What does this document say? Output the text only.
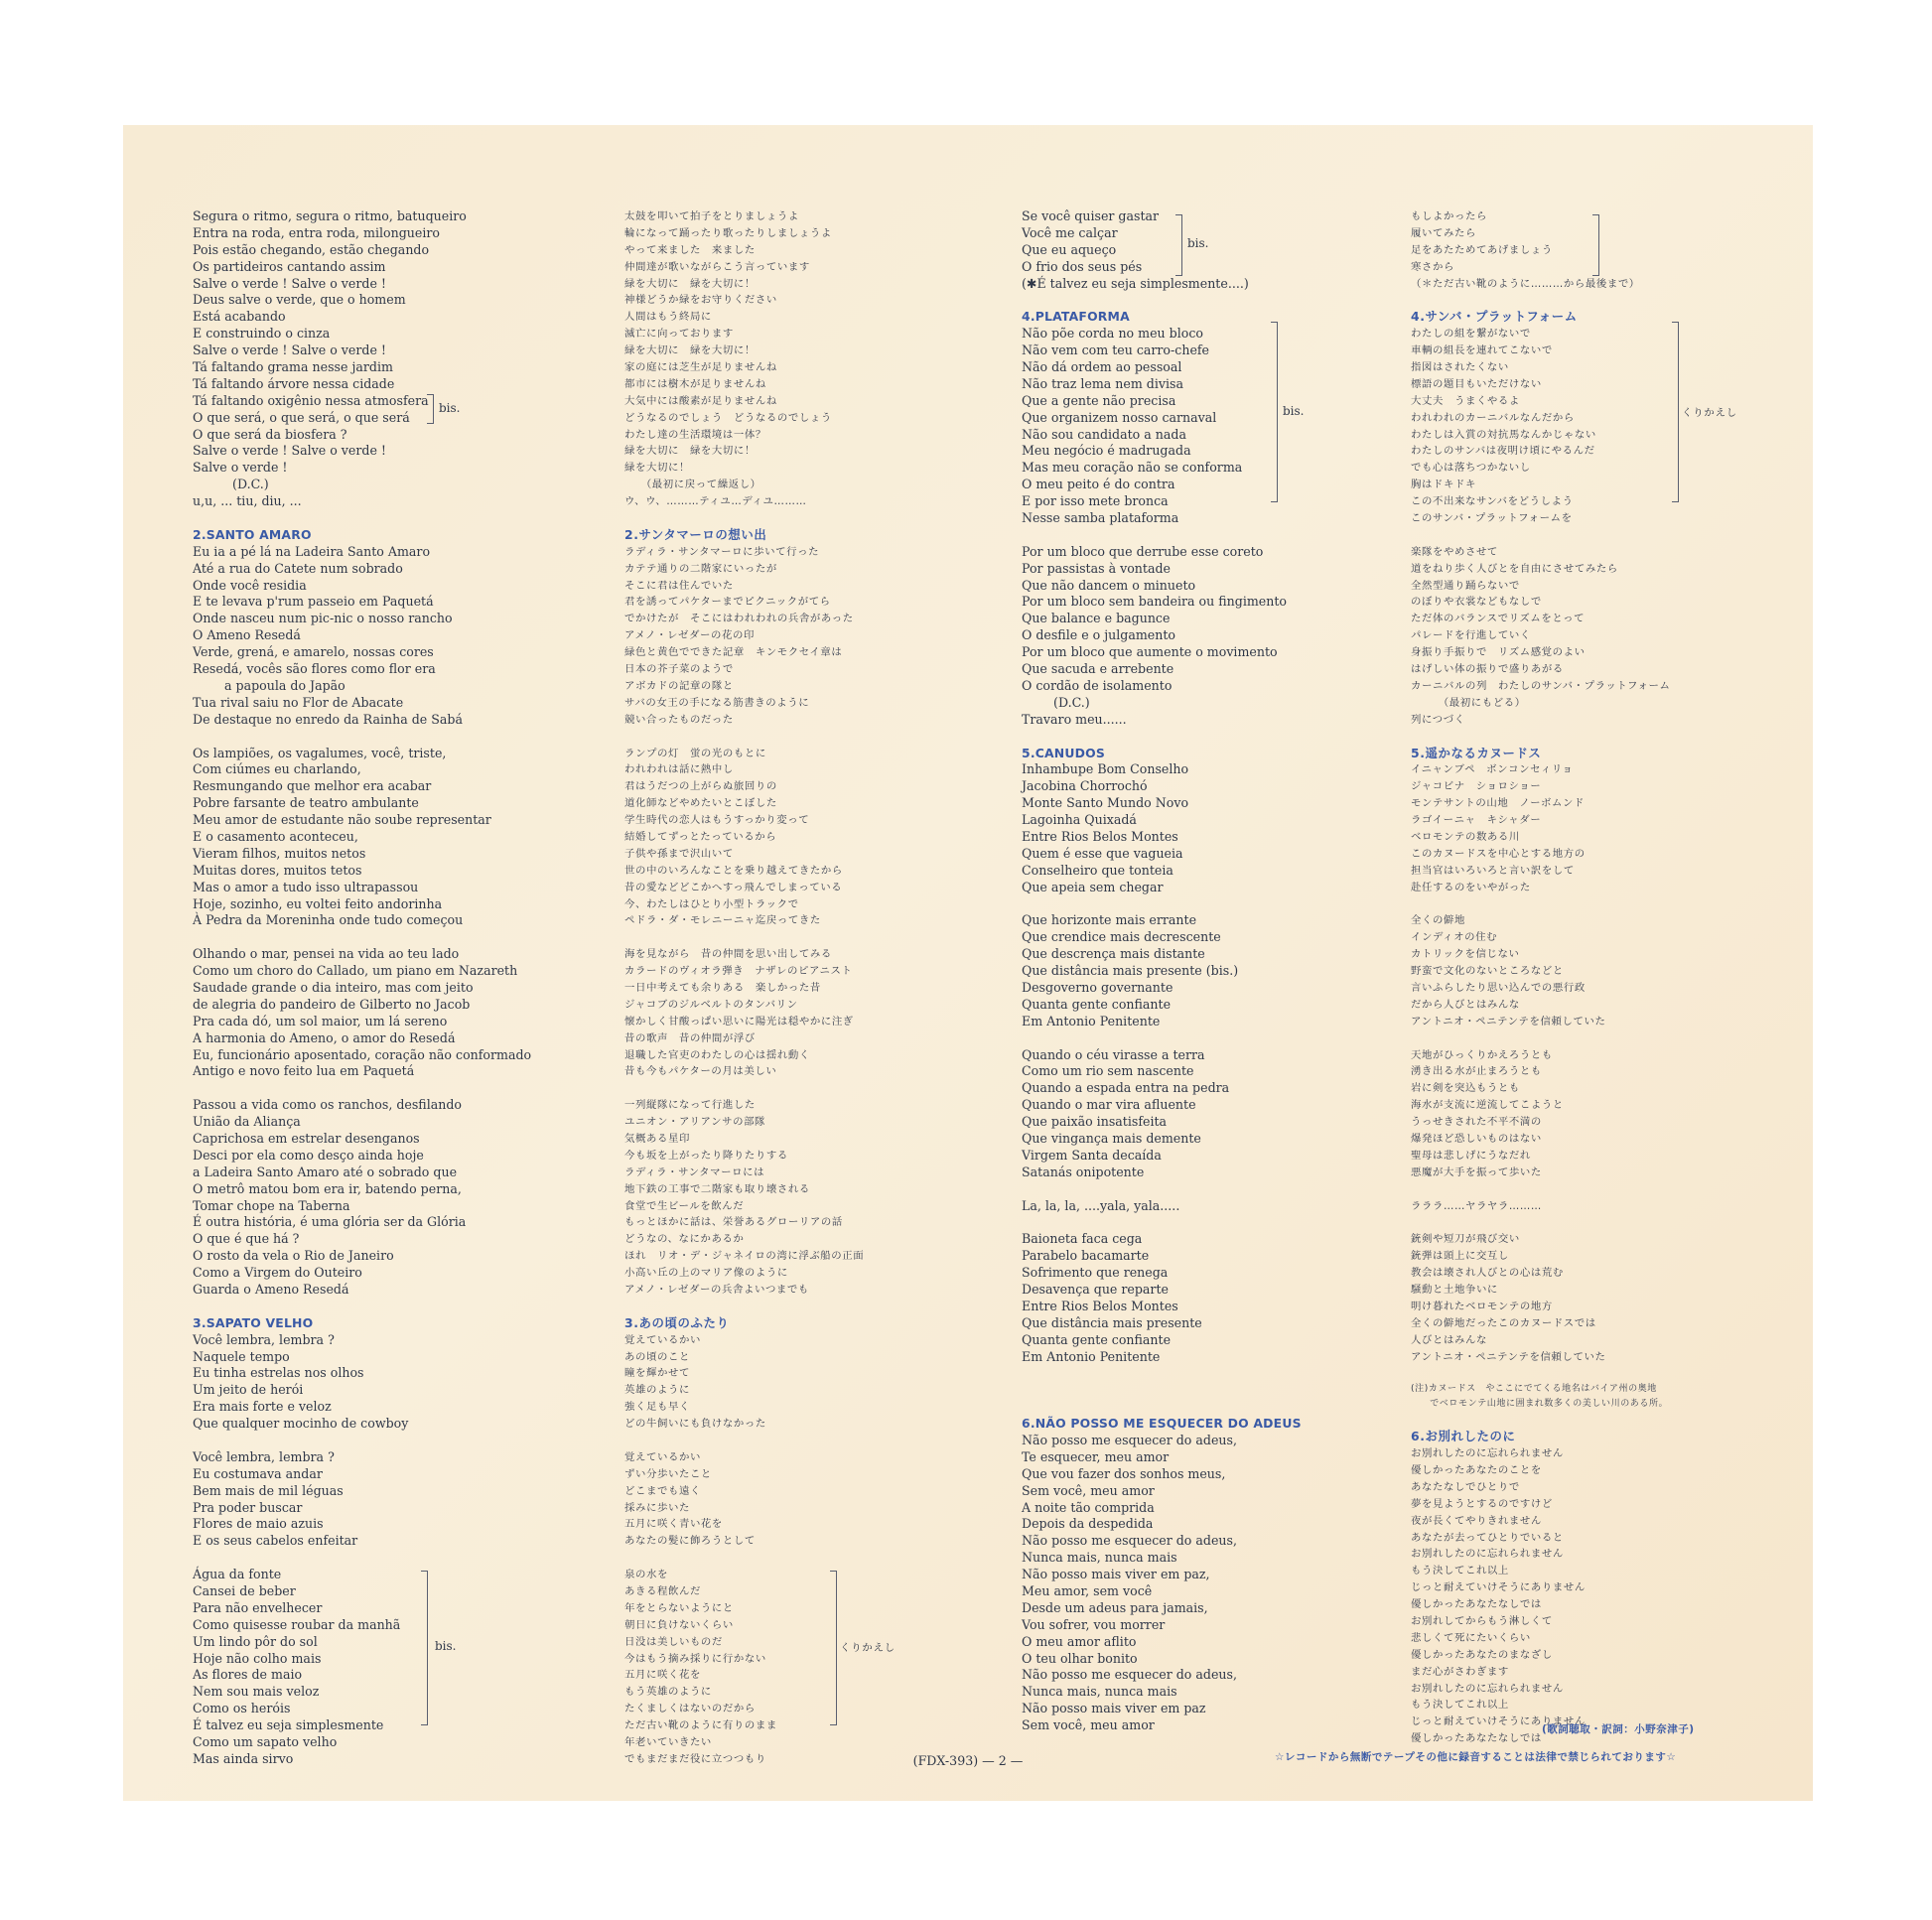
Segura o ritmo, segura o ritmo, batuqueiro
Entra na roda, entra roda, milongueiro
Pois estão chegando, estão chegando
Os partideiros cantando assim
Salve o verde ! Salve o verde !
Deus salve o verde, que o homem
Está acabando
E construindo o cinza
Salve o verde ! Salve o verde !
Tá faltando grama nesse jardim
Tá faltando árvore nessa cidade
Tá faltando oxigênio nessa atmosfera
O que será, o que será, o que será
O que será da biosfera ?
Salve o verde ! Salve o verde !
Salve o verde !
(D.C.)
u,u, ... tiu, diu, ...
2.SANTO AMARO
Eu ia a pé lá na Ladeira Santo Amaro
Até a rua do Catete num sobrado
Onde você residia
E te levava p'rum passeio em Paquetá
Onde nasceu num pic-nic o nosso rancho
O Ameno Resedá
Verde, grená, e amarelo, nossas cores
Resedá, vocês são flores como flor era
a papoula do Japão
Tua rival saiu no Flor de Abacate
De destaque no enredo da Rainha de Sabá
Os lampiões, os vagalumes, você, triste,
Com ciúmes eu charlando,
Resmungando que melhor era acabar
Pobre farsante de teatro ambulante
Meu amor de estudante não soube representar
E o casamento aconteceu,
Vieram filhos, muitos netos
Muitas dores, muitos tetos
Mas o amor a tudo isso ultrapassou
Hoje, sozinho, eu voltei feito andorinha
À Pedra da Moreninha onde tudo começou
Olhando o mar, pensei na vida ao teu lado
Como um choro do Callado, um piano em Nazareth
Saudade grande o dia inteiro, mas com jeito
de alegria do pandeiro de Gilberto no Jacob
Pra cada dó, um sol maior, um lá sereno
A harmonia do Ameno, o amor do Resedá
Eu, funcionário aposentado, coração não conformado
Antigo e novo feito lua em Paquetá
Passou a vida como os ranchos, desfilando
União da Aliança
Caprichosa em estrelar desenganos
Desci por ela como desço ainda hoje
a Ladeira Santo Amaro até o sobrado que
O metrô matou bom era ir, batendo perna,
Tomar chope na Taberna
É outra história, é uma glória ser da Glória
O que é que há ?
O rosto da vela o Rio de Janeiro
Como a Virgem do Outeiro
Guarda o Ameno Resedá
3.SAPATO VELHO
Você lembra, lembra ?
Naquele tempo
Eu tinha estrelas nos olhos
Um jeito de herói
Era mais forte e veloz
Que qualquer mocinho de cowboy
Você lembra, lembra ?
Eu costumava andar
Bem mais de mil léguas
Pra poder buscar
Flores de maio azuis
E os seus cabelos enfeitar
Água da fonte
Cansei de beber
Para não envelhecer
Como quisesse roubar da manhã
Um lindo pôr do sol
Hoje não colho mais
As flores de maio
Nem sou mais veloz
Como os heróis
É talvez eu seja simplesmente
Como um sapato velho
Mas ainda sirvo
太鼓を叩いて拍子をとりましょうよ
輪になって踊ったり歌ったりしましょうよ
やって来ました　来ました
仲間達が歌いながらこう言っています
緑を大切に　緑を大切に！
神様どうか緑をお守りください
人間はもう終局に
滅亡に向っております
緑を大切に　緑を大切に！
家の庭には芝生が足りませんね
都市には樹木が足りませんね
大気中には酸素が足りませんね
どうなるのでしょう　どうなるのでしょう
わたし達の生活環境は一体？
緑を大切に　緑を大切に！
緑を大切に！
　　（最初に戻って繰返し）
ウ、ウ、………ティユ…ディユ………
2.サンタマーロの想い出
ラディラ・サンタマーロに歩いて行った
カテテ通りの二階家にいったが
そこに君は住んでいた
君を誘ってパケターまでピクニックがてら
でかけたが　そこにはわれわれの兵舎があった
アメノ・レゼダーの花の印
緑色と黄色でできた記章　キンモクセイ章は
日本の芥子菜のようで
アボカドの記章の隊と
サバの女王の手になる筋書きのように
競い合ったものだった
ランプの灯　蛍の光のもとに
われわれは話に熱中し
君はうだつの上がらぬ旅回りの
道化師などやめたいとこぼした
学生時代の恋人はもうすっかり変って
結婚してずっとたっているから
子供や孫まで沢山いて
世の中のいろんなことを乗り越えてきたから
昔の愛などどこかへすっ飛んでしまっている
今、わたしはひとり小型トラックで
ペドラ・ダ・モレニーニャ迄戻ってきた
海を見ながら　昔の仲間を思い出してみる
カラードのヴィオラ弾き　ナザレのピアニスト
一日中考えても余りある　楽しかった昔
ジャコブのジルベルトのタンバリン
懐かしく甘酸っぱい思いに陽光は穏やかに注ぎ
昔の歌声　昔の仲間が浮び
退職した官吏のわたしの心は揺れ動く
昔も今もパケターの月は美しい
一列縦隊になって行進した
ユニオン・アリアンサの部隊
気概ある星印
今も坂を上がったり降りたりする
ラディラ・サンタマーロには
地下鉄の工事で二階家も取り壊される
食堂で生ビールを飲んだ
もっとほかに話は、栄誉あるグローリアの話
どうなの、なにかあるか
ほれ　リオ・デ・ジャネイロの湾に浮ぶ船の正面
小高い丘の上のマリア像のように
アメノ・レゼダーの兵舎よいつまでも
3.あの頃のふたり
覚えているかい
あの頃のこと
瞳を輝かせて
英雄のように
強く足も早く
どの牛飼いにも負けなかった
覚えているかい
ずい分歩いたこと
どこまでも遠く
採みに歩いた
五月に咲く青い花を
あなたの髪に飾ろうとして
泉の水を
あきる程飲んだ
年をとらないようにと
朝日に負けないくらい
日没は美しいものだ
今はもう摘み採りに行かない
五月に咲く花を
もう英雄のように
たくましくはないのだから
ただ古い靴のように有りのまま
年老いていきたい
でもまだまだ役に立つつもり
Se você quiser gastar
Você me calçar
Que eu aqueço
O frio dos seus pés
(✱É talvez eu seja simplesmente....)
4.PLATAFORMA
Não põe corda no meu bloco
Não vem com teu carro-chefe
Não dá ordem ao pessoal
Não traz lema nem divisa
Que a gente não precisa
Que organizem nosso carnaval
Não sou candidato a nada
Meu negócio é madrugada
Mas meu coração não se conforma
O meu peito é do contra
E por isso mete bronca
Nesse samba plataforma
Por um bloco que derrube esse coreto
Por passistas à vontade
Que não dancem o minueto
Por um bloco sem bandeira ou fingimento
Que balance e bagunce
O desfile e o julgamento
Por um bloco que aumente o movimento
Que sacuda e arrebente
O cordão de isolamento
(D.C.)
Travaro meu......
5.CANUDOS
Inhambupe Bom Conselho
Jacobina Chorrochó
Monte Santo Mundo Novo
Lagoinha Quixadá
Entre Rios Belos Montes
Quem é esse que vagueia
Conselheiro que tonteia
Que apeia sem chegar
Que horizonte mais errante
Que crendice mais decrescente
Que descrença mais distante
Que distância mais presente (bis.)
Desgoverno governante
Quanta gente confiante
Em Antonio Penitente
Quando o céu virasse a terra
Como um rio sem nascente
Quando a espada entra na pedra
Quando o mar vira afluente
Que paixão insatisfeita
Que vingança mais demente
Virgem Santa decaída
Satanás onipotente
La, la, la, ....yala, yala.....
Baioneta faca cega
Parabelo bacamarte
Sofrimento que renega
Desavença que reparte
Entre Rios Belos Montes
Que distância mais presente
Quanta gente confiante
Em Antonio Penitente
6.NÃO POSSO ME ESQUECER DO ADEUS
Não posso me esquecer do adeus,
Te esquecer, meu amor
Que vou fazer dos sonhos meus,
Sem você, meu amor
A noite tão comprida
Depois da despedida
Não posso me esquecer do adeus,
Nunca mais, nunca mais
Não posso mais viver em paz,
Meu amor, sem você
Desde um adeus para jamais,
Vou sofrer, vou morrer
O meu amor aflito
O teu olhar bonito
Não posso me esquecer do adeus,
Nunca mais, nunca mais
Não posso mais viver em paz
Sem você, meu amor
もしよかったら
履いてみたら
足をあたためてあげましょう
寒さから
（＊ただ古い靴のように………から最後まで）
4.サンバ・プラットフォーム
わたしの組を繋がないで
車輌の組長を連れてこないで
指図はされたくない
標語の題目もいただけない
大丈夫　うまくやるよ
われわれのカーニバルなんだから
わたしは入賞の対抗馬なんかじゃない
わたしのサンバは夜明け頃にやるんだ
でも心は落ちつかないし
胸はドキドキ
この不出来なサンバをどうしよう
このサンバ・プラットフォームを
楽隊をやめさせて
道をねり歩く人びとを自由にさせてみたら
全然型通り踊らないで
のぼりや衣裳などもなしで
ただ体のバランスでリズムをとって
パレードを行進していく
身振り手振りで　リズム感覚のよい
はげしい体の振りで盛りあがる
カーニバルの列　わたしのサンバ・プラットフォーム
　　　（最初にもどる）
列につづく
5.遥かなるカヌードス
イニャンブペ　ボンコンセィリョ
ジャコビナ　ショロショー
モンテサントの山地　ノーボムンド
ラゴイーニャ　キシャダー
ベロモンテの数ある川
このカヌードスを中心とする地方の
担当官はいろいろと言い訳をして
赴任するのをいやがった
全くの僻地
インディオの住む
カトリックを信じない
野蛮で文化のないところなどと
言いふらしたり思い込んでの悪行政
だから人びとはみんな
アントニオ・ペニテンテを信頼していた
天地がひっくりかえろうとも
湧き出る水が止まろうとも
岩に剣を突込もうとも
海水が支流に逆流してこようと
うっせきされた不平不満の
爆発ほど恐しいものはない
聖母は悲しげにうなだれ
悪魔が大手を振って歩いた
ラララ……ヤラヤラ………
銃剣や短刀が飛び交い
銃弾は頭上に交互し
教会は壊され人びとの心は荒む
騒動と土地争いに
明け暮れたベロモンテの地方
全くの僻地だったこのカヌードスでは
人びとはみんな
アントニオ・ペニテンテを信頼していた
(注)カヌードス　やここにでてくる地名はバイア州の奥地
　　でベロモンテ山地に囲まれ数多くの美しい川のある所。
6.お別れしたのに
お別れしたのに忘れられません
優しかったあなたのことを
あなたなしでひとりで
夢を見ようとするのですけど
夜が長くてやりきれません
あなたが去ってひとりでいると
お別れしたのに忘れられません
もう決してこれ以上
じっと耐えていけそうにありません
優しかったあなたなしでは
お別れしてからもう淋しくて
悲しくて死にたいくらい
優しかったあなたのまなざし
まだ心がさわぎます
お別れしたのに忘れられません
もう決してこれ以上
じっと耐えていけそうにありません
優しかったあなたなしでは
bis.
bis.	くりかえし
bis.
bis.	くりかえし
(FDX-393) — 2 —
(歌詞聴取・訳詞：小野奈津子)
☆レコードから無断でテープその他に録音することは法律で禁じられております☆
